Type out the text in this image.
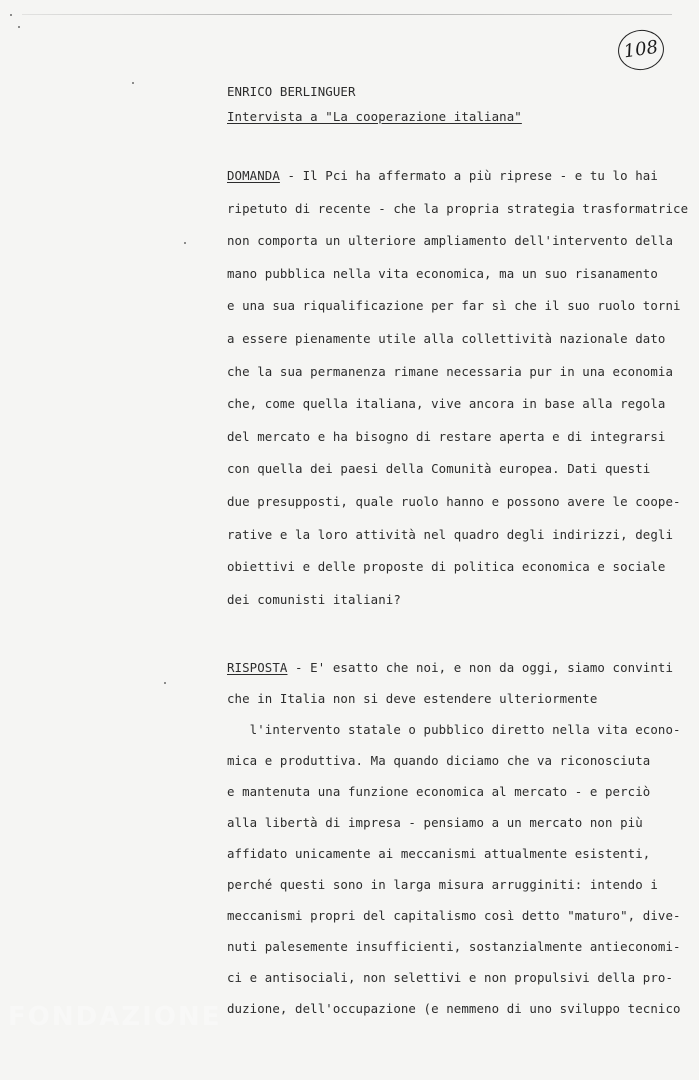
108
ENRICO BERLINGUER
Intervista a "La cooperazione italiana"
DOMANDA - Il Pci ha affermato a più riprese - e tu lo hai
ripetuto di recente - che la propria strategia trasformatrice
non comporta un ulteriore ampliamento dell'intervento della
mano pubblica nella vita economica, ma un suo risanamento
e una sua riqualificazione per far sì che il suo ruolo torni
a essere pienamente utile alla collettività nazionale dato
che la sua permanenza rimane necessaria pur in una economia
che, come quella italiana, vive ancora in base alla regola
del mercato e ha bisogno di restare aperta e di integrarsi
con quella dei paesi della Comunità europea. Dati questi
due presupposti, quale ruolo hanno e possono avere le coope-
rative e la loro attività nel quadro degli indirizzi, degli
obiettivi e delle proposte di politica economica e sociale
dei comunisti italiani?
RISPOSTA - E' esatto che noi, e non da oggi, siamo convinti
che in Italia non si deve estendere ulteriormente
l'intervento statale o pubblico diretto nella vita econo-
mica e produttiva. Ma quando diciamo che va riconosciuta
e mantenuta una funzione economica al mercato - e perciò
alla libertà di impresa - pensiamo a un mercato non più
affidato unicamente ai meccanismi attualmente esistenti,
perché questi sono in larga misura arrugginiti: intendo i
meccanismi propri del capitalismo così detto "maturo", dive-
nuti palesemente insufficienti, sostanzialmente antieconomi-
ci e antisociali, non selettivi e non propulsivi della pro-
duzione, dell'occupazione (e nemmeno di uno sviluppo tecnico
FONDAZIONE
